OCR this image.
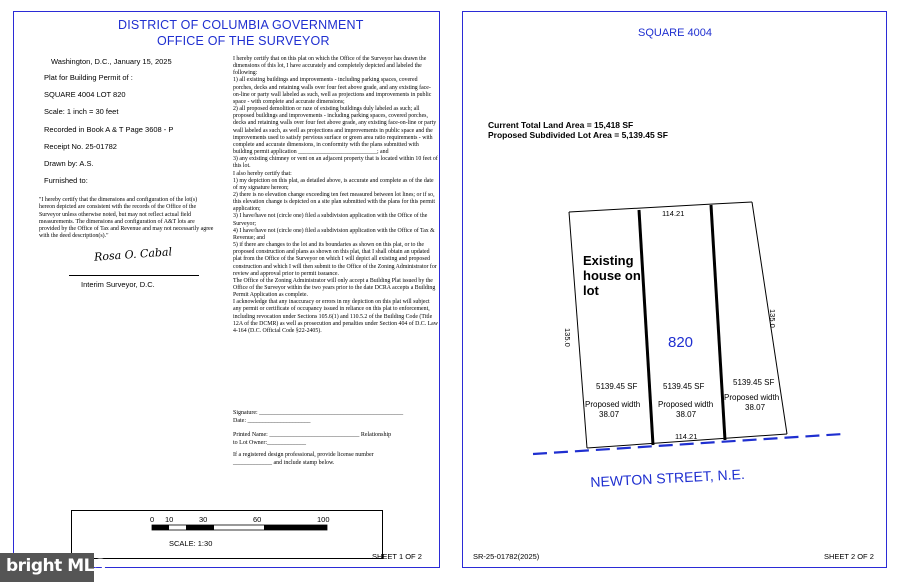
DISTRICT OF COLUMBIA GOVERNMENT
OFFICE OF THE SURVEYOR
Washington, D.C., January 15, 2025
Plat for Building Permit of :
SQUARE 4004 LOT 820
Scale: 1 inch = 30 feet
Recorded in Book A & T Page 3608 - P
Receipt No. 25-01782
Drawn by: A.S.
Furnished to:
"I hereby certify that the dimensions and configuration of the lot(s) hereon depicted are consistent with the records of the Office of the Surveyor unless otherwise noted, but may not reflect actual field measurements. The dimensions and configuration of A&T lots are provided by the Office of Tax and Revenue and may not necessarily agree with the deed description(s)."
Rosa O. Cabal
Interim Surveyor, D.C.

I hereby certify that on this plat on which the Office of the Surveyor has drawn the dimensions of this lot, I have accurately and completely depicted and labeled the following:

1) all existing buildings and improvements - including parking spaces, covered porches, decks and retaining walls over four feet above grade, and any existing face-on-line or party wall labeled as such, well as projections and improvements in public space - with complete and accurate dimensions;

2) all proposed demolition or raze of existing buildings duly labeled as such; all proposed buildings and improvements - including parking spaces, covered porches, decks and retaining walls over four feet above grade, any existing face-on-line or party wall labeled as such, as well as projections and improvements in public space and the improvements used to satisfy pervious surface or green area ratio requirements - with complete and accurate dimensions, in conformity with the plans submitted with building permit application ___________________________; and

3) any existing chimney or vent on an adjacent property that is located within 10 feet of this lot.

I also hereby certify that:

1) my depiction on this plat, as detailed above, is accurate and complete as of the date of my signature hereon;

2) there is no elevation change exceeding ten feet measured between lot lines; or if so, this elevation change is depicted on a site plan submitted with the plans for this permit application;

3) I have/have not (circle one) filed a subdivision application with the Office of the Surveyor;

4) I have/have not (circle one) filed a subdivision application with the Office of Tax & Revenue; and

5) if there are changes to the lot and its boundaries as shown on this plat, or to the proposed construction and plans as shown on this plat, that I shall obtain an updated plat from the Office of the Surveyor on which I will depict all existing and proposed construction and which I will then submit to the Office of the Zoning Administrator for review and approval prior to permit issuance.

The Office of the Zoning Administrator will only accept a Building Plat issued by the Office of the Surveyor within the two years prior to the date DCRA accepts a Building Permit Application as complete.

I acknowledge that any inaccuracy or errors in my depiction on this plat will subject any permit or certificate of occupancy issued in reliance on this plat to enforcement, including revocation under Sections 105.6(1) and 110.5.2 of the Building Code (Title 12A of the DCMR) as well as prosecution and penalties under Section 404 of D.C. Law 4-164 (D.C. Official Code §22-2405).

Signature: ________________________________________________
Date: _____________________
Printed Name: ______________________________ Relationship
to Lot Owner:_____________
If a registered design professional, provide license number
_____________ and include stamp below.
0 10	30	60	100
SCALE: 1:30
SHEET 1 OF 2
bright MLS
SQUARE 4004
Current Total Land Area = 15,418 SF
Proposed Subdivided Lot Area = 5,139.45 SF
114.21
114.21
135.0
135.0
Existing
house on
lot
820
5139.45 SF
Proposed width
38.07
5139.45 SF
Proposed width
38.07
5139.45 SF
Proposed width
38.07
NEWTON STREET, N.E.
SR-25-01782(2025)	SHEET 2 OF 2
